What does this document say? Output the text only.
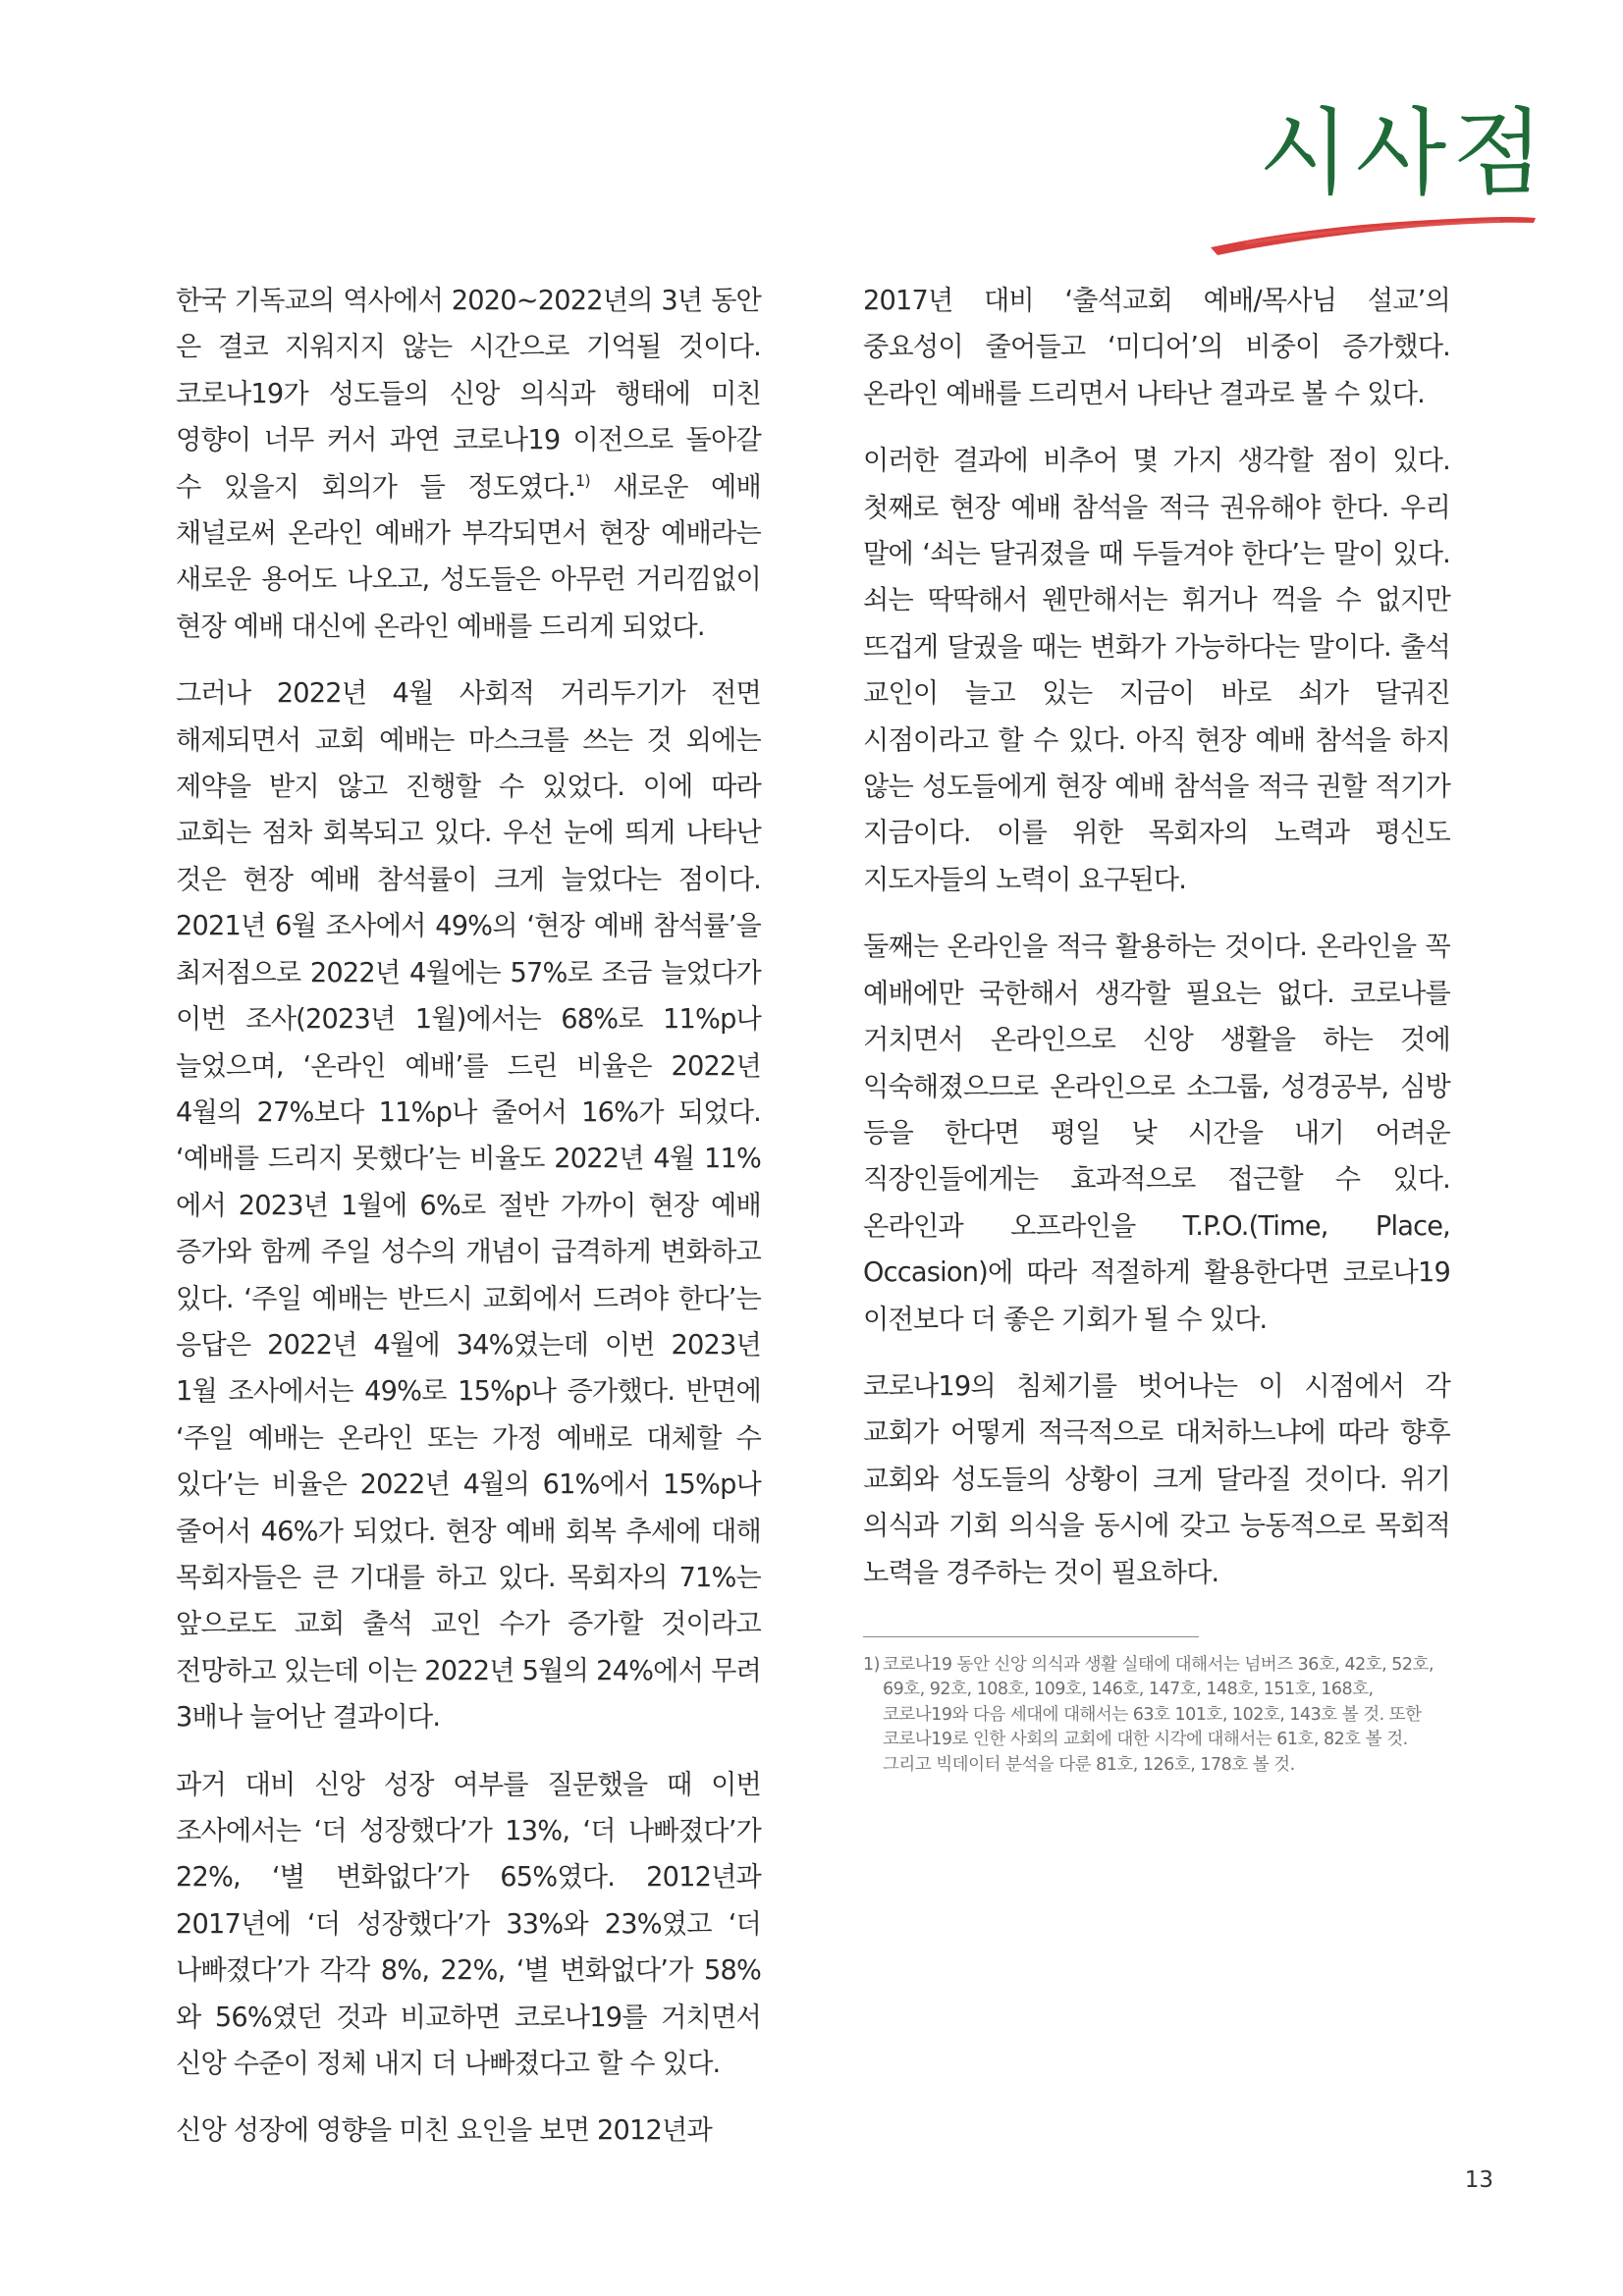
시사점

한국 기독교의 역사에서 2020~2022년의 3년 동안 은 결코 지워지지 않는 시간으로 기억될 것이다. 코로나19가 성도들의 신앙 의식과 행태에 미친 영향이 너무 커서 과연 코로나19 이전으로 돌아갈 수 있을지 회의가 들 정도였다.$^{1)}$ 새로운 예배 채널로써 온라인 예배가 부각되면서 현장 예배라는 새로운 용어도 나오고, 성도들은 아무런 거리낌없이 현장 예배 대신에 온라인 예배를 드리게 되었다.

그러나 2022년 4월 사회적 거리두기가 전면 해제되면서 교회 예배는 마스크를 쓰는 것 외에는 제약을 받지 않고 진행할 수 있었다. 이에 따라 교회는 점차 회복되고 있다. 우선 눈에 띄게 나타난 것은 현장 예배 참석률이 크게 늘었다는 점이다. 2021년 6월 조사에서 49%의 ‘현장 예배 참석률’을 최저점으로 2022년 4월에는 57%로 조금 늘었다가 이번 조사(2023년 1월)에서는 68%로 11%p나 늘었으며, ‘온라인 예배’를 드린 비율은 2022년 4월의 27%보다 11%p나 줄어서 16%가 되었다. ‘예배를 드리지 못했다’는 비율도 2022년 4월 11%에서 2023년 1월에 6%로 절반 가까이 현장 예배 증가와 함께 주일 성수의 개념이 급격하게 변화하고 있다. ‘주일 예배는 반드시 교회에서 드려야 한다’는 응답은 2022년 4월에 34%였는데 이번 2023년 1월 조사에서는 49%로 15%p나 증가했다. 반면에 ‘주일 예배는 온라인 또는 가정 예배로 대체할 수 있다’는 비율은 2022년 4월의 61%에서 15%p나 줄어서 46%가 되었다. 현장 예배 회복 추세에 대해 목회자들은 큰 기대를 하고 있다. 목회자의 71%는 앞으로도 교회 출석 교인 수가 증가할 것이라고 전망하고 있는데 이는 2022년 5월의 24%에서 무려 3배나 늘어난 결과이다.

과거 대비 신앙 성장 여부를 질문했을 때 이번 조사에서는 ‘더 성장했다’가 13%, ‘더 나빠졌다’가 22%, ‘별 변화없다’가 65%였다. 2012년과 2017년에 ‘더 성장했다’가 33%와 23%였고 ‘더 나빠졌다’가 각각 8%, 22%, ‘별 변화없다’가 58%와 56%였던 것과 비교하면 코로나19를 거치면서 신앙 수준이 정체 내지 더 나빠졌다고 할 수 있다.

신앙 성장에 영향을 미친 요인을 보면 2012년과

2017년 대비 ‘출석교회 예배/목사님 설교’의 중요성이 줄어들고 ‘미디어’의 비중이 증가했다. 온라인 예배를 드리면서 나타난 결과로 볼 수 있다.

이러한 결과에 비추어 몇 가지 생각할 점이 있다. 첫째로 현장 예배 참석을 적극 권유해야 한다. 우리 말에 ‘쇠는 달궈졌을 때 두들겨야 한다’는 말이 있다. 쇠는 딱딱해서 웬만해서는 휘거나 꺽을 수 없지만 뜨겁게 달궜을 때는 변화가 가능하다는 말이다. 출석 교인이 늘고 있는 지금이 바로 쇠가 달궈진 시점이라고 할 수 있다. 아직 현장 예배 참석을 하지 않는 성도들에게 현장 예배 참석을 적극 권할 적기가 지금이다. 이를 위한 목회자의 노력과 평신도 지도자들의 노력이 요구된다.

둘째는 온라인을 적극 활용하는 것이다. 온라인을 꼭 예배에만 국한해서 생각할 필요는 없다. 코로나를 거치면서 온라인으로 신앙 생활을 하는 것에 익숙해졌으므로 온라인으로 소그룹, 성경공부, 심방 등을 한다면 평일 낮 시간을 내기 어려운 직장인들에게는 효과적으로 접근할 수 있다. 온라인과 오프라인을 T.P.O.(Time, Place, Occasion)에 따라 적절하게 활용한다면 코로나19 이전보다 더 좋은 기회가 될 수 있다.

코로나19의 침체기를 벗어나는 이 시점에서 각 교회가 어떻게 적극적으로 대처하느냐에 따라 향후 교회와 성도들의 상황이 크게 달라질 것이다. 위기 의식과 기회 의식을 동시에 갖고 능동적으로 목회적 노력을 경주하는 것이 필요하다.

1) 코로나19 동안 신앙 의식과 생활 실태에 대해서는 넘버즈 36호, 42호, 52호, 69호, 92호, 108호, 109호, 146호, 147호, 148호, 151호, 168호, 코로나19와 다음 세대에 대해서는 63호 101호, 102호, 143호 볼 것. 또한 코로나19로 인한 사회의 교회에 대한 시각에 대해서는 61호, 82호 볼 것. 그리고 빅데이터 분석을 다룬 81호, 126호, 178호 볼 것.
13
